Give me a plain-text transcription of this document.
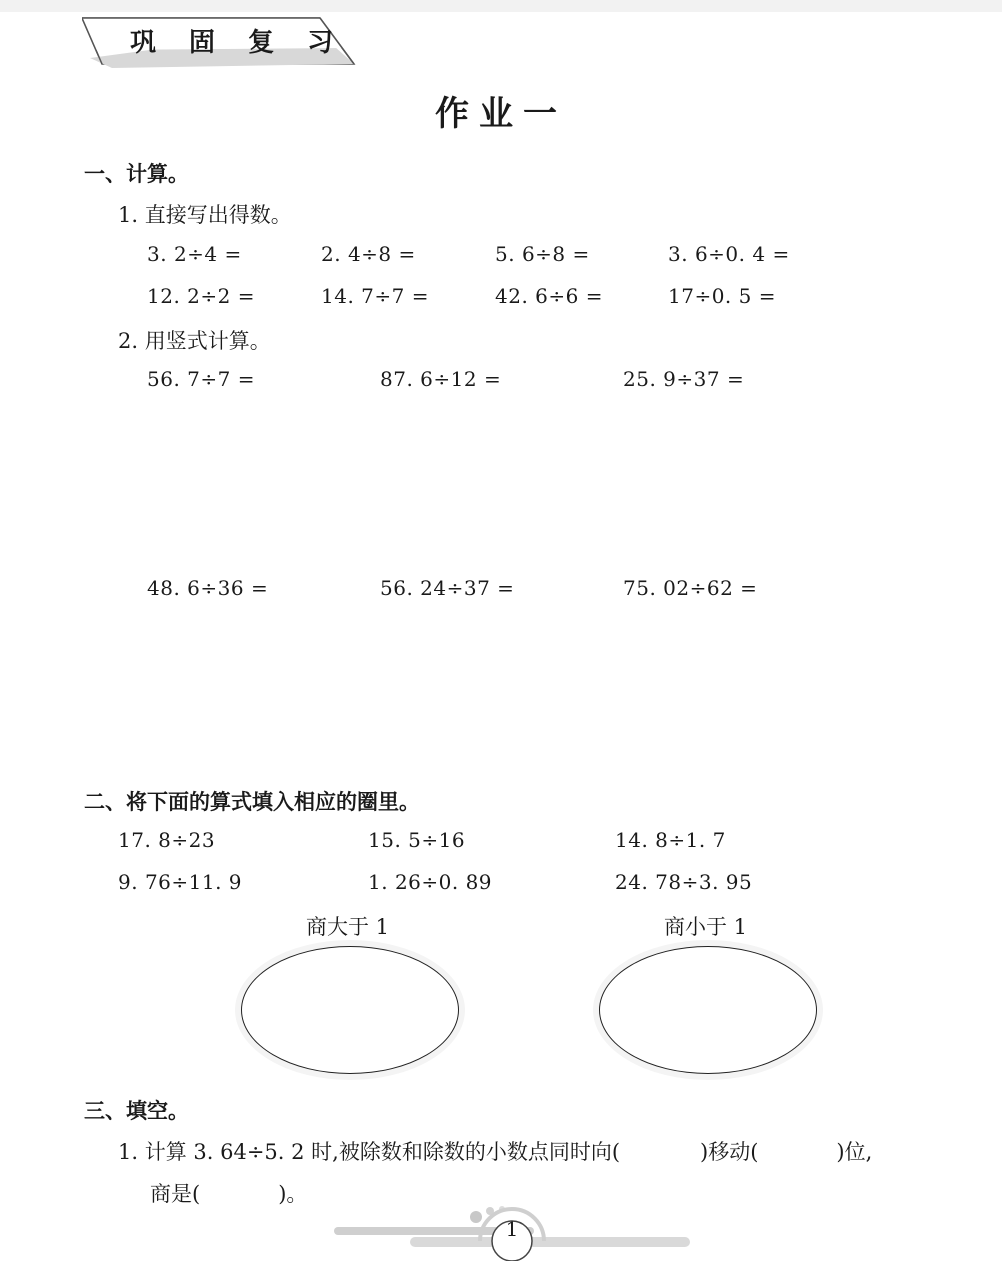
巩 固 复 习
作业一
一、计算。
1. 直接写出得数。
3. 2÷4 =	2. 4÷8 =	5. 6÷8 =	3. 6÷0. 4 =
12. 2÷2 =	14. 7÷7 =	42. 6÷6 =	17÷0. 5 =
2. 用竖式计算。
56. 7÷7 =	87. 6÷12 =	25. 9÷37 =
48. 6÷36 =	56. 24÷37 =	75. 02÷62 =
二、将下面的算式填入相应的圈里。
17. 8÷23	15. 5÷16	14. 8÷1. 7
9. 76÷11. 9	1. 26÷0. 89	24. 78÷3. 95
商大于 1	商小于 1
三、填空。
1. 计算 3. 64÷5. 2 时,被除数和除数的小数点同时向(	)移动(	)位,
商是(	)。
1
